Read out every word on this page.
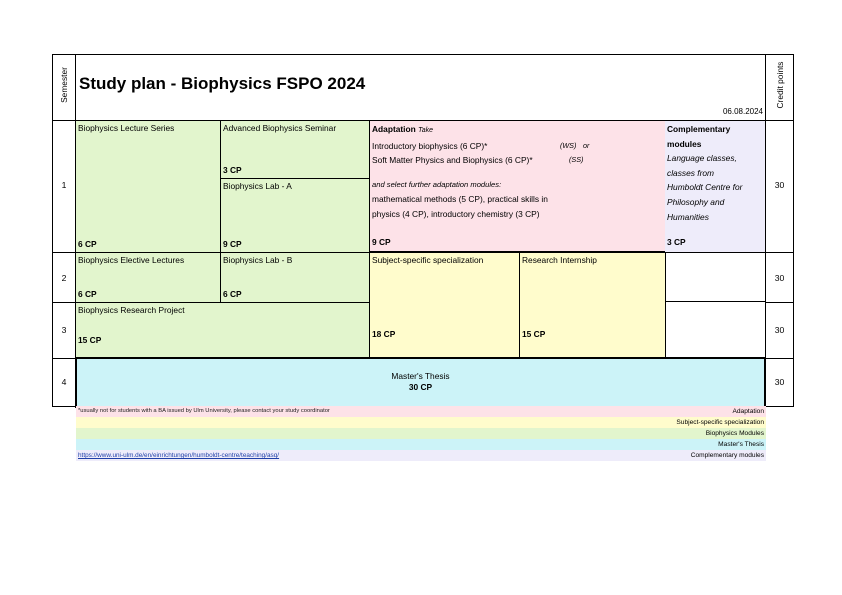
Semester Study plan - Biophysics FSPO 2024
06.08.2024
Credit points
1
2
3
4
30
30
30
30
Biophysics Lecture Series
6 CP
Advanced Biophysics Seminar
3 CP
Biophysics Lab - A
9 CP
Adaptation Take
Introductory biophysics (6 CP)*	(WS) or
Soft Matter Physics and Biophysics (6 CP)*	(SS)
and select further adaptation modules:
mathematical methods (5 CP), practical skills in
physics (4 CP), introductory chemistry (3 CP)
9 CP
Complementary
modules
Language classes,
classes from
Humboldt Centre for
Philosophy and
Humanities
3 CP
Biophysics Elective Lectures
6 CP
Biophysics Lab - B
6 CP
Subject-specific specialization
18 CP
Research Internship
15 CP
Biophysics Research Project
15 CP
Master's Thesis
30 CP
Adaptation
Subject-specific specialization
Biophysics Modules
Master's Thesis
Complementary modules
*usually not for students with a BA issued by Ulm University, please contact your study coordinator
https://www.uni-ulm.de/en/einrichtungen/humboldt-centre/teaching/asq/
